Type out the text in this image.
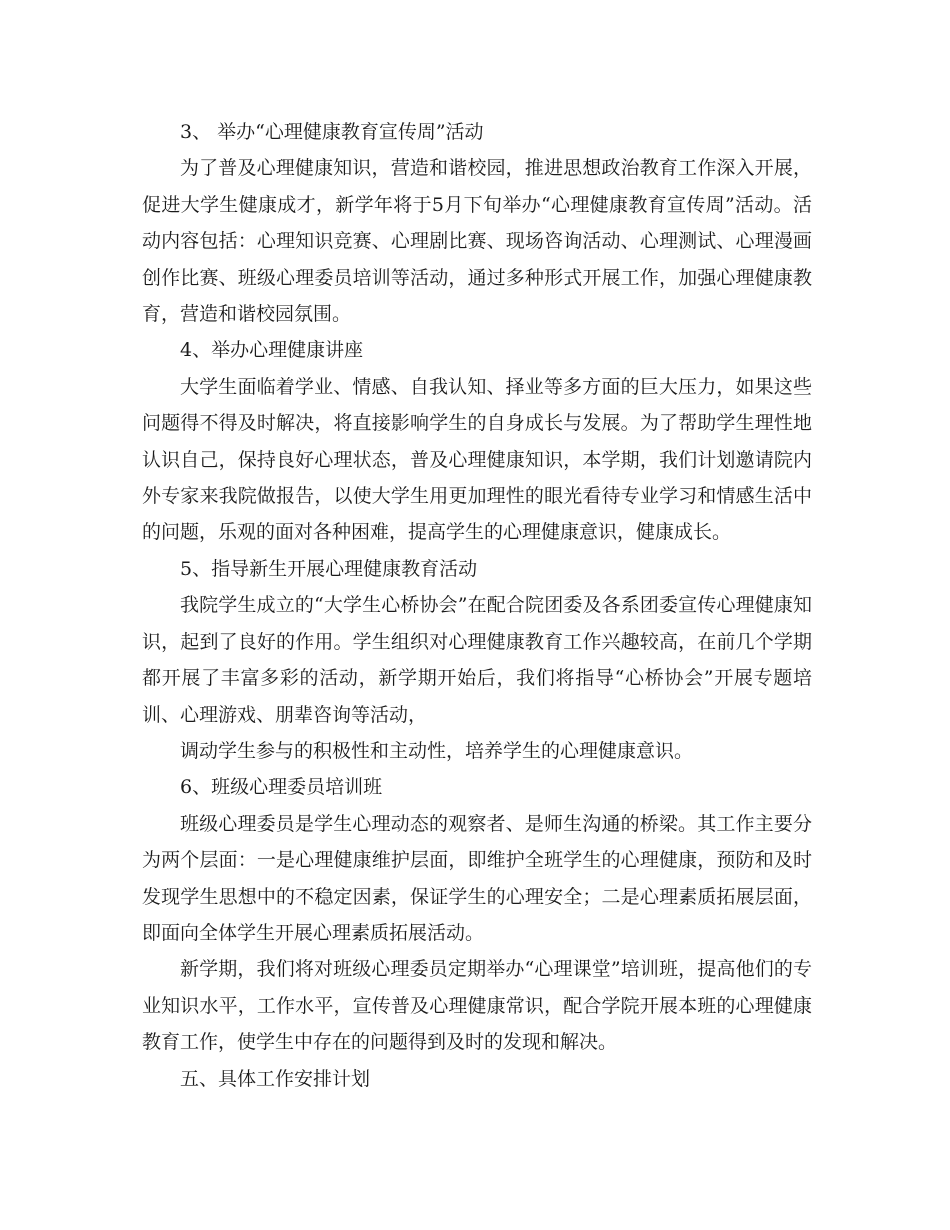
3、 举办“心理健康教育宣传周”活动

为了普及心理健康知识，营造和谐校园，推进思想政治教育工作深入开展，促进大学生健康成才，新学年将于5月下旬举办“心理健康教育宣传周”活动。活动内容包括：心理知识竞赛、心理剧比赛、现场咨询活动、心理测试、心理漫画创作比赛、班级心理委员培训等活动，通过多种形式开展工作，加强心理健康教育，营造和谐校园氛围。

4、举办心理健康讲座

大学生面临着学业、情感、自我认知、择业等多方面的巨大压力，如果这些问题得不得及时解决，将直接影响学生的自身成长与发展。为了帮助学生理性地认识自己，保持良好心理状态，普及心理健康知识，本学期，我们计划邀请院内外专家来我院做报告，以使大学生用更加理性的眼光看待专业学习和情感生活中的问题，乐观的面对各种困难，提高学生的心理健康意识，健康成长。

5、指导新生开展心理健康教育活动

我院学生成立的“大学生心桥协会”在配合院团委及各系团委宣传心理健康知识，起到了良好的作用。学生组织对心理健康教育工作兴趣较高，在前几个学期都开展了丰富多彩的活动，新学期开始后，我们将指导“心桥协会”开展专题培训、心理游戏、朋辈咨询等活动，

调动学生参与的积极性和主动性，培养学生的心理健康意识。

6、班级心理委员培训班

班级心理委员是学生心理动态的观察者、是师生沟通的桥梁。其工作主要分为两个层面：一是心理健康维护层面，即维护全班学生的心理健康，预防和及时发现学生思想中的不稳定因素，保证学生的心理安全；二是心理素质拓展层面，即面向全体学生开展心理素质拓展活动。

新学期，我们将对班级心理委员定期举办“心理课堂”培训班，提高他们的专业知识水平，工作水平，宣传普及心理健康常识，配合学院开展本班的心理健康教育工作，使学生中存在的问题得到及时的发现和解决。

五、具体工作安排计划
